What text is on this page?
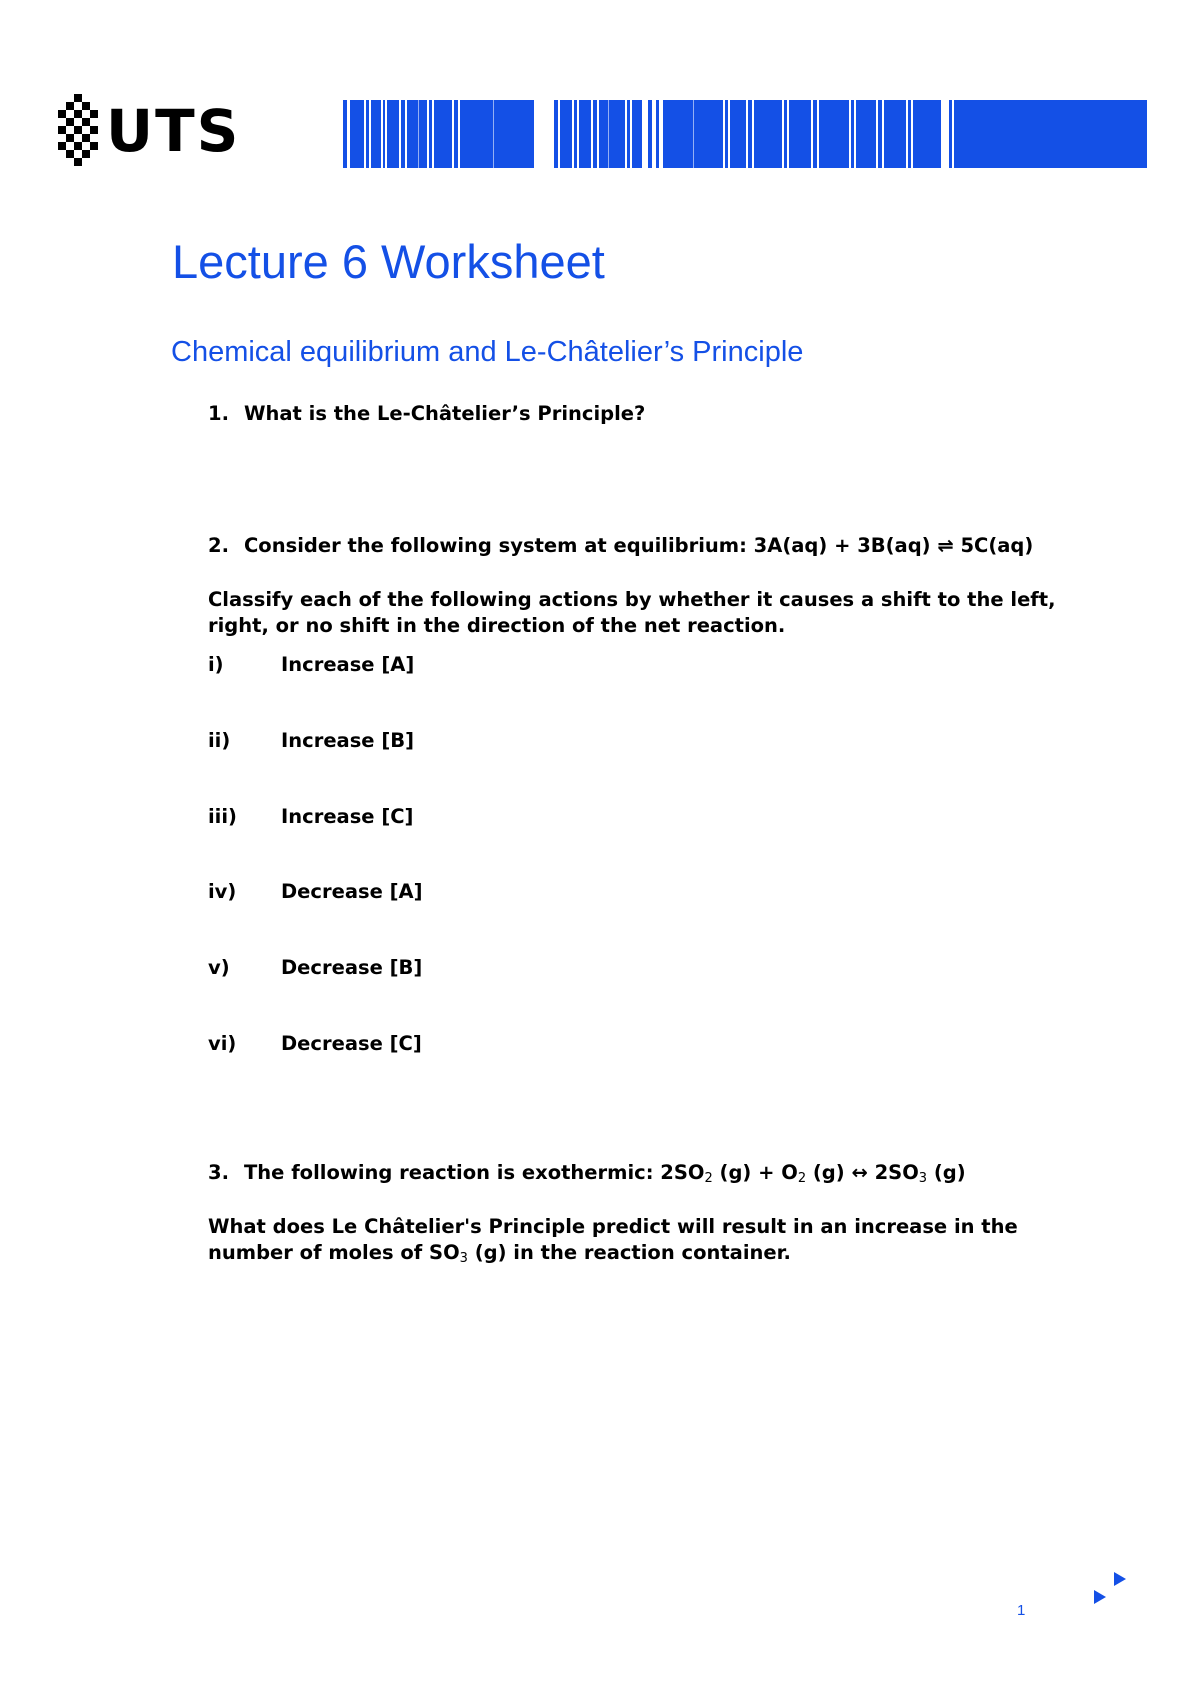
UTS
Lecture 6 Worksheet
Chemical equilibrium and Le-Châtelier’s Principle
1. What is the Le-Châtelier’s Principle?
2. Consider the following system at equilibrium: 3A(aq) + 3B(aq) ⇌ 5C(aq)
Classify each of the following actions by whether it causes a shift to the left,
right, or no shift in the direction of the net reaction.
i)	Increase [A]
ii)	Increase [B]
iii) Increase [C]
iv) Decrease [A]
v)	Decrease [B]
vi) Decrease [C]
3. The following reaction is exothermic: $2SO_2$ $(g) + O_2$ (g) ↔ $2SO_3$ (g)
What does Le Châtelier's Principle predict will result in an increase in the
number of moles of $SO_3$ (g) in the reaction container.
1
